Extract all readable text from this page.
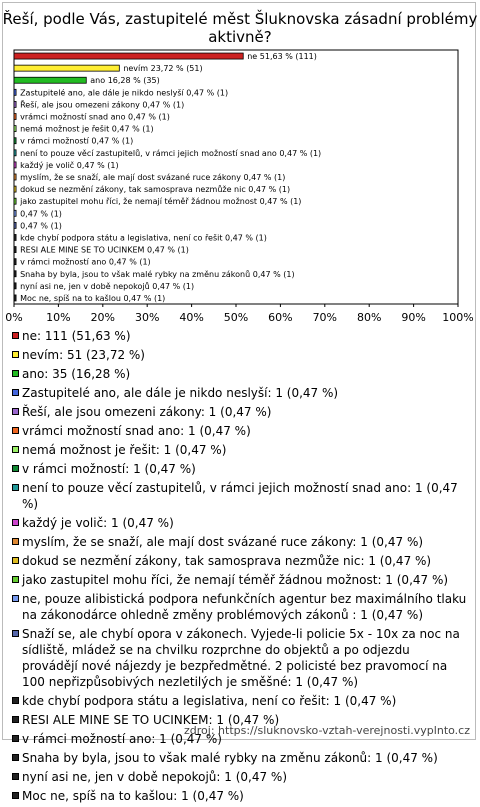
Řeší, podle Vás, zastupitelé měst Šluknovska zásadní problémy aktivně?
0% 10% 20% 30% 40% 50% 60% 70% 80% 90% 100%
ne 51,63 % (111)
nevím 23,72 % (51)
ano 16,28 % (35)
Zastupitelé ano, ale dále je nikdo neslyší 0,47 % (1)
Řeší, ale jsou omezeni zákony 0,47 % (1)
vrámci možností snad ano 0,47 % (1)
nemá možnost je řešit 0,47 % (1)
v rámci možností 0,47 % (1)
není to pouze věcí zastupitelů, v rámci jejich možností snad ano 0,47 % (1)
každý je volič 0,47 % (1)
myslím, že se snaží, ale mají dost svázané ruce zákony 0,47 % (1)
dokud se nezmění zákony, tak samosprava nezmůže nic 0,47 % (1)
jako zastupitel mohu říci, že nemají téměř žádnou možnost 0,47 % (1)
0,47 % (1)
0,47 % (1)
kde chybí podpora státu a legislativa, není co řešit 0,47 % (1)
RESI ALE MINE SE TO UCINKEM 0,47 % (1)
v rámci možností ano 0,47 % (1)
Snaha by byla, jsou to však malé rybky na změnu zákonů 0,47 % (1)
nyní asi ne, jen v době nepokojů 0,47 % (1)
Moc ne, spíš na to kašlou 0,47 % (1)
ne: 111 (51,63 %)
nevím: 51 (23,72 %)
ano: 35 (16,28 %)
Zastupitelé ano, ale dále je nikdo neslyší: 1 (0,47 %)
Řeší, ale jsou omezeni zákony: 1 (0,47 %)
vrámci možností snad ano: 1 (0,47 %)
nemá možnost je řešit: 1 (0,47 %)
v rámci možností: 1 (0,47 %)
není to pouze věcí zastupitelů, v rámci jejich možností snad ano: 1 (0,47 %)
každý je volič: 1 (0,47 %)
myslím, že se snaží, ale mají dost svázané ruce zákony: 1 (0,47 %)
dokud se nezmění zákony, tak samosprava nezmůže nic: 1 (0,47 %)
jako zastupitel mohu říci, že nemají téměř žádnou možnost: 1 (0,47 %)
ne, pouze alibistická podpora nefunkčních agentur bez maximálního tlaku na zákonodárce ohledně změny problémových zákonů : 1 (0,47 %)
Snaží se, ale chybí opora v zákonech. Vyjede-li policie 5x - 10x za noc na sídliště, mládež se na chvilku rozprchne do objektů a po odjezdu provádějí nové nájezdy je bezpředmětné. 2 policisté bez pravomocí na 100 nepřizpůsobivých nezletilých je směšné: 1 (0,47 %)
kde chybí podpora státu a legislativa, není co řešit: 1 (0,47 %)
RESI ALE MINE SE TO UCINKEM: 1 (0,47 %)
v rámci možností ano: 1 (0,47 %)
Snaha by byla, jsou to však malé rybky na změnu zákonů: 1 (0,47 %)
nyní asi ne, jen v době nepokojů: 1 (0,47 %)
Moc ne, spíš na to kašlou: 1 (0,47 %)
zdroj: https://sluknovsko-vztah-verejnosti.vyplnto.cz
